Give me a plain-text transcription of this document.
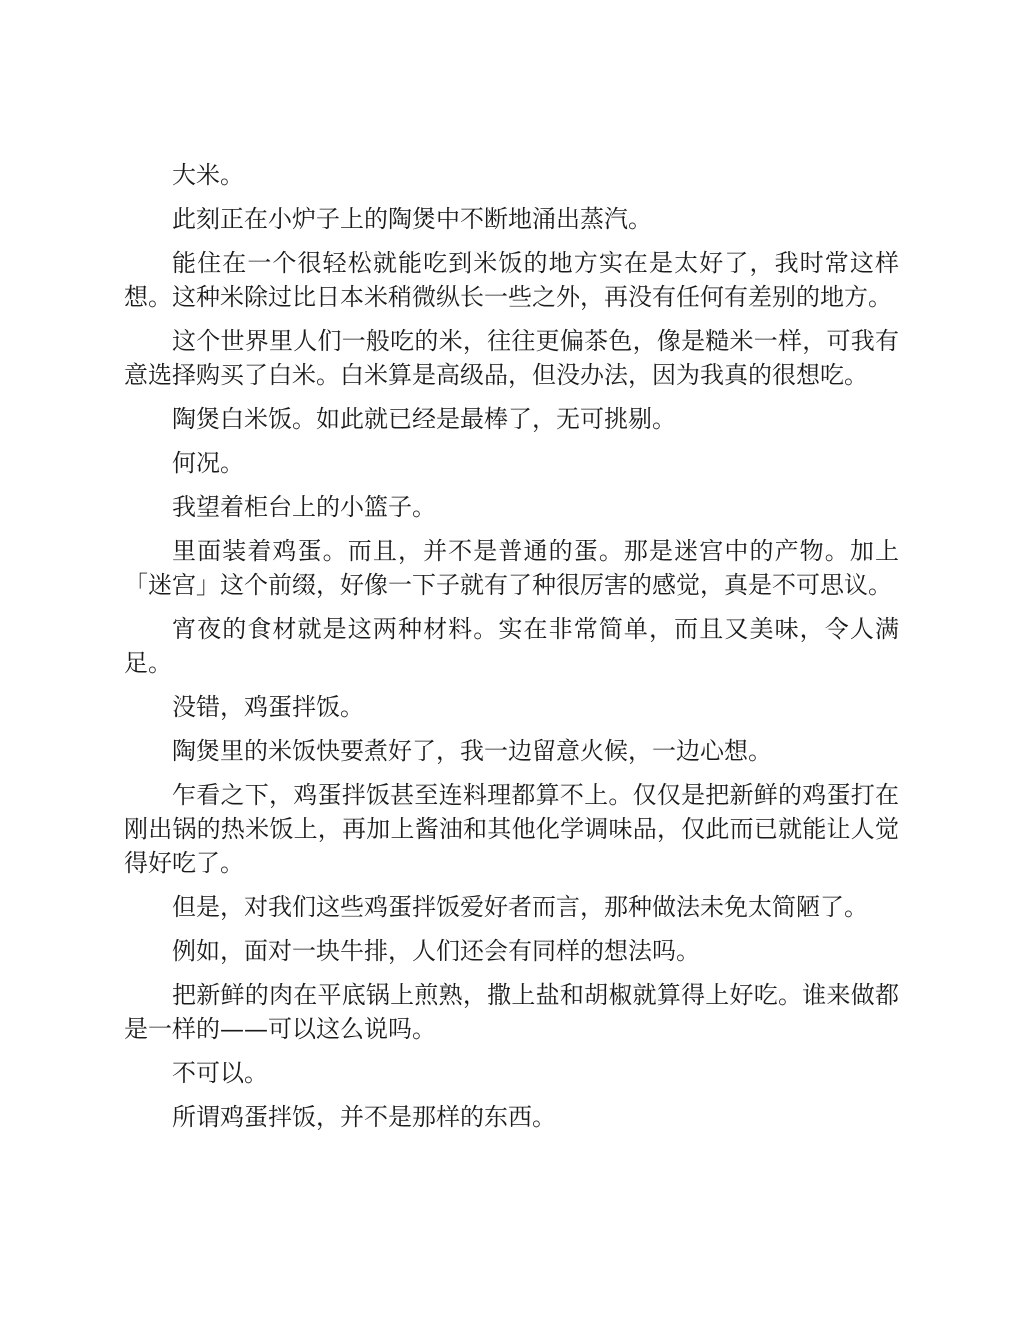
大米。

此刻正在小炉子上的陶煲中不断地涌出蒸汽。

能住在一个很轻松就能吃到米饭的地方实在是太好了，我时常这样想。这种米除过比日本米稍微纵长一些之外，再没有任何有差别的地方。

这个世界里人们一般吃的米，往往更偏茶色，像是糙米一样，可我有意选择购买了白米。白米算是高级品，但没办法，因为我真的很想吃。

陶煲白米饭。如此就已经是最棒了，无可挑剔。

何况。

我望着柜台上的小篮子。

里面装着鸡蛋。而且，并不是普通的蛋。那是迷宫中的产物。加上「迷宫」这个前缀，好像一下子就有了种很厉害的感觉，真是不可思议。

宵夜的食材就是这两种材料。实在非常简单，而且又美味，令人满足。

没错，鸡蛋拌饭。

陶煲里的米饭快要煮好了，我一边留意火候，一边心想。

乍看之下，鸡蛋拌饭甚至连料理都算不上。仅仅是把新鲜的鸡蛋打在刚出锅的热米饭上，再加上酱油和其他化学调味品，仅此而已就能让人觉得好吃了。

但是，对我们这些鸡蛋拌饭爱好者而言，那种做法未免太简陋了。

例如，面对一块牛排，人们还会有同样的想法吗。

把新鲜的肉在平底锅上煎熟，撒上盐和胡椒就算得上好吃。谁来做都是一样的——可以这么说吗。

不可以。

所谓鸡蛋拌饭，并不是那样的东西。
